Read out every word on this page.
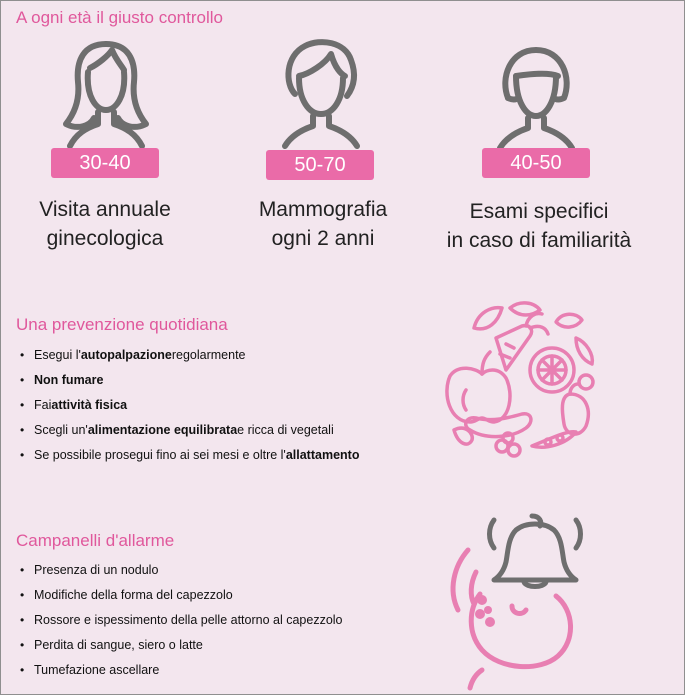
A ogni età il giusto controllo
30-40
Visita annuale
ginecologica
50-70
Mammografia
ogni 2 anni
40-50
Esami specifici
in caso di familiarità
Una prevenzione quotidiana
• Esegui l' autopalpazione regolarmente
• Non fumare
• Fai attività fisica
• Scegli un' alimentazione equilibrata e ricca di vegetali
• Se possibile prosegui fino ai sei mesi e oltre l' allattamento
Campanelli d'allarme
• Presenza di un nodulo
• Modifiche della forma del capezzolo
• Rossore e ispessimento della pelle attorno al capezzolo
• Perdita di sangue, siero o latte
• Tumefazione ascellare
